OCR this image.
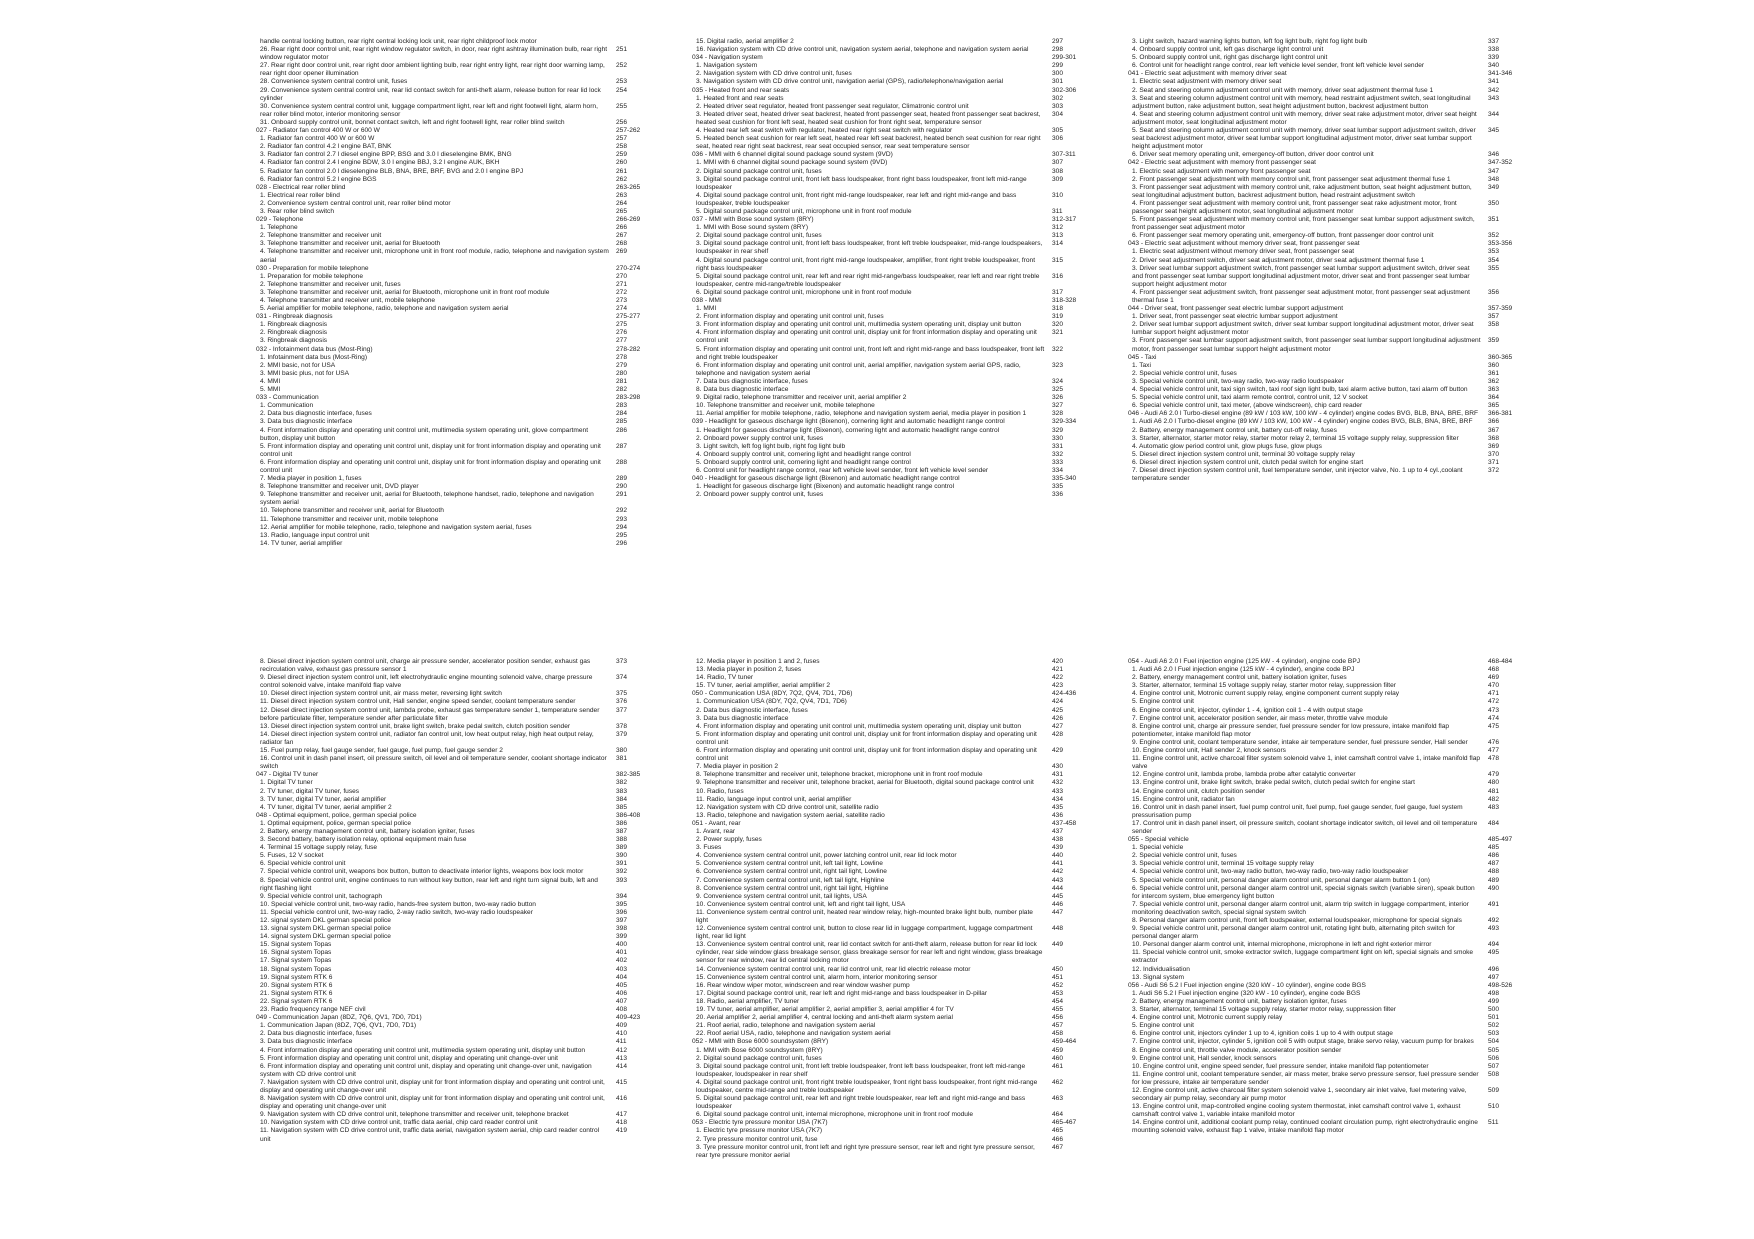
handle central locking button, rear right central locking lock unit, rear right childproof lock motor
26. Rear right door control unit, rear right window regulator switch, in door, rear right ashtray illumination bulb, rear right window regulator motor
251
27. Rear right door control unit, rear right door ambient lighting bulb, rear right entry light, rear right door warning lamp, rear right door opener illumination
252
28. Convenience system central control unit, fuses	253
29. Convenience system central control unit, rear lid contact switch for anti-theft alarm, release button for rear lid lock cylinder
254
30. Convenience system central control unit, luggage compartment light, rear left and right footwell light, alarm horn, rear roller blind motor, interior monitoring sensor
255
31. Onboard supply control unit, bonnet contact switch, left and right footwell light, rear roller blind switch	256
027 - Radiator fan control 400 W or 600 W	257-262
1. Radiator fan control 400 W or 600 W	257
2. Radiator fan control 4.2 l engine BAT, BNK	258
3. Radiator fan control 2.7 l diesel engine BPP, BSG and 3.0 l dieselengine BMK, BNG	259
4. Radiator fan control 2.4 l engine BDW, 3.0 l engine BBJ, 3.2 l engine AUK, BKH	260
5. Radiator fan control 2.0 l dieselengine BLB, BNA, BRE, BRF, BVG and 2.0 l engine BPJ	261
6. Radiator fan control 5.2 l engine BGS	262
028 - Electrical rear roller blind	263-265
1. Electrical rear roller blind	263
2. Convenience system central control unit, rear roller blind motor	264
3. Rear roller blind switch	265
029 - Telephone	266-269
1. Telephone	266
2. Telephone transmitter and receiver unit	267
3. Telephone transmitter and receiver unit, aerial for Bluetooth	268
4. Telephone transmitter and receiver unit, microphone unit in front roof module, radio, telephone and navigation system aerial
269
030 - Preparation for mobile telephone	270-274
1. Preparation for mobile telephone	270
2. Telephone transmitter and receiver unit, fuses	271
3. Telephone transmitter and receiver unit, aerial for Bluetooth, microphone unit in front roof module	272
4. Telephone transmitter and receiver unit, mobile telephone	273
5. Aerial amplifier for mobile telephone, radio, telephone and navigation system aerial	274
031 - Ringbreak diagnosis	275-277
1. Ringbreak diagnosis	275
2. Ringbreak diagnosis	276
3. Ringbreak diagnosis	277
032 - Infotainment data bus (Most-Ring)	278-282
1. Infotainment data bus (Most-Ring)	278
2. MMI basic, not for USA	279
3. MMI basic plus, not for USA	280
4. MMI	281
5. MMI	282
033 - Communication	283-298
1. Communication	283
2. Data bus diagnostic interface, fuses	284
3. Data bus diagnostic interface	285
4. Front information display and operating unit control unit, multimedia system operating unit, glove compartment button, display unit button
286
5. Front information display and operating unit control unit, display unit for front information display and operating unit control unit
287
6. Front information display and operating unit control unit, display unit for front information display and operating unit control unit
288
7. Media player in position 1, fuses	289
8. Telephone transmitter and receiver unit, DVD player	290
9. Telephone transmitter and receiver unit, aerial for Bluetooth, telephone handset, radio, telephone and navigation system aerial
291
10. Telephone transmitter and receiver unit, aerial for Bluetooth	292
11. Telephone transmitter and receiver unit, mobile telephone	293
12. Aerial amplifier for mobile telephone, radio, telephone and navigation system aerial, fuses	294
13. Radio, language input control unit	295
14. TV tuner, aerial amplifier	296
15. Digital radio, aerial amplifier 2	297
16. Navigation system with CD drive control unit, navigation system aerial, telephone and navigation system aerial	298
034 - Navigation system	299-301
1. Navigation system	299
2. Navigation system with CD drive control unit, fuses	300
3. Navigation system with CD drive control unit, navigation aerial (GPS), radio/telephone/navigation aerial	301
035 - Heated front and rear seats	302-306
1. Heated front and rear seats	302
2. Heated driver seat regulator, heated front passenger seat regulator, Climatronic control unit	303
3. Heated driver seat, heated driver seat backrest, heated front passenger seat, heated front passenger seat backrest, heated seat cushion for front left seat, heated seat cushion for front right seat, temperature sensor
304
4. Heated rear left seat switch with regulator, heated rear right seat switch with regulator	305
5. Heated bench seat cushion for rear left seat, heated rear left seat backrest, heated bench seat cushion for rear right seat, heated rear right seat backrest, rear seat occupied sensor, rear seat temperature sensor
306
036 - MMI with 6 channel digital sound package sound system (9VD)	307-311
1. MMI with 6 channel digital sound package sound system (9VD)	307
2. Digital sound package control unit, fuses	308
3. Digital sound package control unit, front left bass loudspeaker, front right bass loudspeaker, front left mid-range loudspeaker
309
4. Digital sound package control unit, front right mid-range loudspeaker, rear left and right mid-range and bass loudspeaker, treble loudspeaker
310
5. Digital sound package control unit, microphone unit in front roof module	311
037 - MMI with Bose sound system (8RY)	312-317
1. MMI with Bose sound system (8RY)	312
2. Digital sound package control unit, fuses	313
3. Digital sound package control unit, front left bass loudspeaker, front left treble loudspeaker, mid-range loudspeakers, loudspeaker in rear shelf
314
4. Digital sound package control unit, front right mid-range loudspeaker, amplifier, front right treble loudspeaker, front right bass loudspeaker
315
5. Digital sound package control unit, rear left and rear right mid-range/bass loudspeaker, rear left and rear right treble loudspeaker, centre mid-range/treble loudspeaker
316
6. Digital sound package control unit, microphone unit in front roof module	317
038 - MMI	318-328
1. MMI	318
2. Front information display and operating unit control unit, fuses	319
3. Front information display and operating unit control unit, multimedia system operating unit, display unit button	320
4. Front information display and operating unit control unit, display unit for front information display and operating unit control unit
321
5. Front information display and operating unit control unit, front left and right mid-range and bass loudspeaker, front left and right treble loudspeaker
322
6. Front information display and operating unit control unit, aerial amplifier, navigation system aerial GPS, radio, telephone and navigation system aerial
323
7. Data bus diagnostic interface, fuses	324
8. Data bus diagnostic interface	325
9. Digital radio, telephone transmitter and receiver unit, aerial amplifier 2	326
10. Telephone transmitter and receiver unit, mobile telephone	327
11. Aerial amplifier for mobile telephone, radio, telephone and navigation system aerial, media player in position 1	328
039 - Headlight for gaseous discharge light (Bixenon), cornering light and automatic headlight range control	329-334
1. Headlight for gaseous discharge light (Bixenon), cornering light and automatic headlight range control	329
2. Onboard power supply control unit, fuses	330
3. Light switch, left fog light bulb, right fog light bulb	331
4. Onboard supply control unit, cornering light and headlight range control	332
5. Onboard supply control unit, cornering light and headlight range control	333
6. Control unit for headlight range control, rear left vehicle level sender, front left vehicle level sender	334
040 - Headlight for gaseous discharge light (Bixenon) and automatic headlight range control	335-340
1. Headlight for gaseous discharge light (Bixenon) and automatic headlight range control	335
2. Onboard power supply control unit, fuses	336
3. Light switch, hazard warning lights button, left fog light bulb, right fog light bulb	337
4. Onboard supply control unit, left gas discharge light control unit	338
5. Onboard supply control unit, right gas discharge light control unit	339
6. Control unit for headlight range control, rear left vehicle level sender, front left vehicle level sender	340
041 - Electric seat adjustment with memory driver seat	341-346
1. Electric seat adjustment with memory driver seat	341
2. Seat and steering column adjustment control unit with memory, driver seat adjustment thermal fuse 1	342
3. Seat and steering column adjustment control unit with memory, head restraint adjustment switch, seat longitudinal adjustment button, rake adjustment button, seat height adjustment button, backrest adjustment button
343
4. Seat and steering column adjustment control unit with memory, driver seat rake adjustment motor, driver seat height adjustment motor, seat longitudinal adjustment motor
344
5. Seat and steering column adjustment control unit with memory, driver seat lumbar support adjustment switch, driver seat backrest adjustment motor, driver seat lumbar support longitudinal adjustment motor, driver seat lumbar support height adjustment motor
345
6. Driver seat memory operating unit, emergency-off button, driver door control unit	346
042 - Electric seat adjustment with memory front passenger seat	347-352
1. Electric seat adjustment with memory front passenger seat	347
2. Front passenger seat adjustment with memory control unit, front passenger seat adjustment thermal fuse 1	348
3. Front passenger seat adjustment with memory control unit, rake adjustment button, seat height adjustment button, seat longitudinal adjustment button, backrest adjustment button, head restraint adjustment switch
349
4. Front passenger seat adjustment with memory control unit, front passenger seat rake adjustment motor, front passenger seat height adjustment motor, seat longitudinal adjustment motor
350
5. Front passenger seat adjustment with memory control unit, front passenger seat lumbar support adjustment switch, front passenger seat adjustment motor
351
6. Front passenger seat memory operating unit, emergency-off button, front passenger door control unit	352
043 - Electric seat adjustment without memory driver seat, front passenger seat	353-356
1. Electric seat adjustment without memory driver seat, front passenger seat	353
2. Driver seat adjustment switch, driver seat adjustment motor, driver seat adjustment thermal fuse 1	354
3. Driver seat lumbar support adjustment switch, front passenger seat lumbar support adjustment switch, driver seat and front passenger seat lumbar support longitudinal adjustment motor, driver seat and front passenger seat lumbar support height adjustment motor
355
4. Front passenger seat adjustment switch, front passenger seat adjustment motor, front passenger seat adjustment thermal fuse 1
356
044 - Driver seat, front passenger seat electric lumbar support adjustment	357-359
1. Driver seat, front passenger seat electric lumbar support adjustment	357
2. Driver seat lumbar support adjustment switch, driver seat lumbar support longitudinal adjustment motor, driver seat lumbar support height adjustment motor
358
3. Front passenger seat lumbar support adjustment switch, front passenger seat lumbar support longitudinal adjustment motor, front passenger seat lumbar support height adjustment motor
359
045 - Taxi	360-365
1. Taxi	360
2. Special vehicle control unit, fuses	361
3. Special vehicle control unit, two-way radio, two-way radio loudspeaker	362
4. Special vehicle control unit, taxi sign switch, taxi roof sign light bulb, taxi alarm active button, taxi alarm off button	363
5. Special vehicle control unit, taxi alarm remote control, control unit, 12 V socket	364
6. Special vehicle control unit, taxi meter, (above windscreen), chip card reader	365
046 - Audi A6 2.0 l Turbo-diesel engine (89 kW / 103 kW, 100 kW - 4 cylinder) engine codes BVG, BLB, BNA, BRE, BRF 366-381
1. Audi A6 2.0 l Turbo-diesel engine (89 kW / 103 kW, 100 kW - 4 cylinder) engine codes BVG, BLB, BNA, BRE, BRF	366
2. Battery, energy management control unit, battery cut-off relay, fuses	367
3. Starter, alternator, starter motor relay, starter motor relay 2, terminal 15 voltage supply relay, suppression filter	368
4. Automatic glow period control unit, glow plugs fuse, glow plugs	369
5. Diesel direct injection system control unit, terminal 30 voltage supply relay	370
6. Diesel direct injection system control unit, clutch pedal switch for engine start	371
7. Diesel direct injection system control unit, fuel temperature sender, unit injector valve, No. 1 up to 4 cyl.,coolant temperature sender
372
8. Diesel direct injection system control unit, charge air pressure sender, accelerator position sender, exhaust gas recirculation valve, exhaust gas pressure sensor 1
373
9. Diesel direct injection system control unit, left electrohydraulic engine mounting solenoid valve, charge pressure control solenoid valve, intake manifold flap valve
374
10. Diesel direct injection system control unit, air mass meter, reversing light switch	375
11. Diesel direct injection system control unit, Hall sender, engine speed sender, coolant temperature sender	376
12. Diesel direct injection system control unit, lambda probe, exhaust gas temperature sender 1, temperature sender before particulate filter, temperature sender after particulate filter
377
13. Diesel direct injection system control unit, brake light switch, brake pedal switch, clutch position sender	378
14. Diesel direct injection system control unit, radiator fan control unit, low heat output relay, high heat output relay, radiator fan
379
15. Fuel pump relay, fuel gauge sender, fuel gauge, fuel pump, fuel gauge sender 2	380
16. Control unit in dash panel insert, oil pressure switch, oil level and oil temperature sender, coolant shortage indicator switch
381
047 - Digital TV tuner	382-385
1. Digital TV tuner	382
2. TV tuner, digital TV tuner, fuses	383
3. TV tuner, digital TV tuner, aerial amplifier	384
4. TV tuner, digital TV tuner, aerial amplifier 2	385
048 - Optimal equipment, police, german special police	386-408
1. Optimal equipment, police, german special police	386
2. Battery, energy management control unit, battery isolation igniter, fuses	387
3. Second battery, battery isolation relay, optional equipment main fuse	388
4. Terminal 15 voltage supply relay, fuse	389
5. Fuses, 12 V socket	390
6. Special vehicle control unit	391
7. Special vehicle control unit, weapons box button, button to deactivate interior lights, weapons box lock motor	392
8. Special vehicle control unit, engine continues to run without key button, rear left and right turn signal bulb, left and right flashing light
393
9. Special vehicle control unit, tachograph	394
10. Special vehicle control unit, two-way radio, hands-free system button, two-way radio button	395
11. Special vehicle control unit, two-way radio, 2-way radio switch, two-way radio loudspeaker	396
12. signal system DKL german special police	397
13. signal system DKL german special police	398
14. signal system DKL german special police	399
15. Signal system Topas	400
16. Signal system Topas	401
17. Signal system Topas	402
18. Signal system Topas	403
19. Signal system RTK 6	404
20. Signal system RTK 6	405
21. Signal system RTK 6	406
22. Signal system RTK 6	407
23. Radio frequency range NEF civil	408
049 - Communication Japan (8DZ, 7Q6, QV1, 7D0, 7D1)	409-423
1. Communication Japan (8DZ, 7Q6, QV1, 7D0, 7D1)	409
2. Data bus diagnostic interface, fuses	410
3. Data bus diagnostic interface	411
4. Front information display and operating unit control unit, multimedia system operating unit, display unit button	412
5. Front information display and operating unit control unit, display and operating unit change-over unit	413
6. Front information display and operating unit control unit, display and operating unit change-over unit, navigation system with CD drive control unit
414
7. Navigation system with CD drive control unit, display unit for front information display and operating unit control unit, display and operating unit change-over unit
415
8. Navigation system with CD drive control unit, display unit for front information display and operating unit control unit, display and operating unit change-over unit
416
9. Navigation system with CD drive control unit, telephone transmitter and receiver unit, telephone bracket	417
10. Navigation system with CD drive control unit, traffic data aerial, chip card reader control unit	418
11. Navigation system with CD drive control unit, traffic data aerial, navigation system aerial, chip card reader control unit
419
12. Media player in position 1 and 2, fuses	420
13. Media player in position 2, fuses	421
14. Radio, TV tuner	422
15. TV tuner, aerial amplifier, aerial amplifier 2	423
050 - Communication USA (8DY, 7Q2, QV4, 7D1, 7D6)	424-436
1. Communication USA (8DY, 7Q2, QV4, 7D1, 7D6)	424
2. Data bus diagnostic interface, fuses	425
3. Data bus diagnostic interface	426
4. Front information display and operating unit control unit, multimedia system operating unit, display unit button	427
5. Front information display and operating unit control unit, display unit for front information display and operating unit control unit
428
6. Front information display and operating unit control unit, display unit for front information display and operating unit control unit
429
7. Media player in position 2	430
8. Telephone transmitter and receiver unit, telephone bracket, microphone unit in front roof module	431
9. Telephone transmitter and receiver unit, telephone bracket, aerial for Bluetooth, digital sound package control unit	432
10. Radio, fuses	433
11. Radio, language input control unit, aerial amplifier	434
12. Navigation system with CD drive control unit, satellite radio	435
13. Radio, telephone and navigation system aerial, satellite radio	436
051 - Avant, rear	437-458
1. Avant, rear	437
2. Power supply, fuses	438
3. Fuses	439
4. Convenience system central control unit, power latching control unit, rear lid lock motor	440
5. Convenience system central control unit, left tail light, Lowline	441
6. Convenience system central control unit, right tail light, Lowline	442
7. Convenience system central control unit, left tail light, Highline	443
8. Convenience system central control unit, right tail light, Highline	444
9. Convenience system central control unit, tail lights, USA	445
10. Convenience system central control unit, left and right tail light, USA	446
11. Convenience system central control unit, heated rear window relay, high-mounted brake light bulb, number plate light
447
12. Convenience system central control unit, button to close rear lid in luggage compartment, luggage compartment light, rear lid light
448
13. Convenience system central control unit, rear lid contact switch for anti-theft alarm, release button for rear lid lock cylinder, rear side window glass breakage sensor, glass breakage sensor for rear left and right window, glass breakage sensor for rear window, rear lid central locking motor
449
14. Convenience system central control unit, rear lid control unit, rear lid electric release motor	450
15. Convenience system central control unit, alarm horn, interior monitoring sensor	451
16. Rear window wiper motor, windscreen and rear window washer pump	452
17. Digital sound package control unit, rear left and right mid-range and bass loudspeaker in D-pillar	453
18. Radio, aerial amplifier, TV tuner	454
19. TV tuner, aerial amplifier, aerial amplifier 2, aerial amplifier 3, aerial amplifier 4 for TV	455
20. Aerial amplifier 2, aerial amplifier 4, central locking and anti-theft alarm system aerial	456
21. Roof aerial, radio, telephone and navigation system aerial	457
22. Roof aerial USA, radio, telephone and navigation system aerial	458
052 - MMI with Bose 6000 soundsystem (8RY)	459-464
1. MMI with Bose 6000 soundsystem (8RY)	459
2. Digital sound package control unit, fuses	460
3. Digital sound package control unit, front left treble loudspeaker, front left bass loudspeaker, front left mid-range loudspeaker, loudspeaker in rear shelf
461
4. Digital sound package control unit, front right treble loudspeaker, front right bass loudspeaker, front right mid-range loudspeaker, centre mid-range and treble loudspeaker
462
5. Digital sound package control unit, rear left and right treble loudspeaker, rear left and right mid-range and bass loudspeaker
463
6. Digital sound package control unit, internal microphone, microphone unit in front roof module	464
053 - Electric tyre pressure monitor USA (7K7)	465-467
1. Electric tyre pressure monitor USA (7K7)	465
2. Tyre pressure monitor control unit, fuse	466
3. Tyre pressure monitor control unit, front left and right tyre pressure sensor, rear left and right tyre pressure sensor, rear tyre pressure monitor aerial
467
054 - Audi A6 2.0 l Fuel injection engine (125 kW - 4 cylinder), engine code BPJ	468-484
1. Audi A6 2.0 l Fuel injection engine (125 kW - 4 cylinder), engine code BPJ	468
2. Battery, energy management control unit, battery isolation igniter, fuses	469
3. Starter, alternator, terminal 15 voltage supply relay, starter motor relay, suppression filter	470
4. Engine control unit, Motronic current supply relay, engine component current supply relay	471
5. Engine control unit	472
6. Engine control unit, injector, cylinder 1 - 4, ignition coil 1 - 4 with output stage	473
7. Engine control unit, accelerator position sender, air mass meter, throttle valve module	474
8. Engine control unit, charge air pressure sender, fuel pressure sender for low pressure, intake manifold flap potentiometer, intake manifold flap motor
475
9. Engine control unit, coolant temperature sender, intake air temperature sender, fuel pressure sender, Hall sender	476
10. Engine control unit, Hall sender 2, knock sensors	477
11. Engine control unit, active charcoal filter system solenoid valve 1, inlet camshaft control valve 1, intake manifold flap valve
478
12. Engine control unit, lambda probe, lambda probe after catalytic converter	479
13. Engine control unit, brake light switch, brake pedal switch, clutch pedal switch for engine start	480
14. Engine control unit, clutch position sender	481
15. Engine control unit, radiator fan	482
16. Control unit in dash panel insert, fuel pump control unit, fuel pump, fuel gauge sender, fuel gauge, fuel system pressurisation pump
483
17. Control unit in dash panel insert, oil pressure switch, coolant shortage indicator switch, oil level and oil temperature sender
484
055 - Special vehicle	485-497
1. Special vehicle	485
2. Special vehicle control unit, fuses	486
3. Special vehicle control unit, terminal 15 voltage supply relay	487
4. Special vehicle control unit, two-way radio button, two-way radio, two-way radio loudspeaker	488
5. Special vehicle control unit, personal danger alarm control unit, personal danger alarm button 1 (on)	489
6. Special vehicle control unit, personal danger alarm control unit, special signals switch (variable siren), speak button for intercom system, blue emergency light button
490
7. Special vehicle control unit, personal danger alarm control unit, alarm trip switch in luggage compartment, interior monitoring deactivation switch, special signal system switch
491
8. Personal danger alarm control unit, front left loudspeaker, external loudspeaker, microphone for special signals	492
9. Special vehicle control unit, personal danger alarm control unit, rotating light bulb, alternating pitch switch for personal danger alarm
493
10. Personal danger alarm control unit, internal microphone, microphone in left and right exterior mirror	494
11. Special vehicle control unit, smoke extractor switch, luggage compartment light on left, special signals and smoke extractor
495
12. Individualisation	496
13. Signal system	497
056 - Audi S6 5.2 l Fuel injection engine (320 kW - 10 cylinder), engine code BGS	498-526
1. Audi S6 5.2 l Fuel injection engine (320 kW - 10 cylinder), engine code BGS	498
2. Battery, energy management control unit, battery isolation igniter, fuses	499
3. Starter, alternator, terminal 15 voltage supply relay, starter motor relay, suppression filter	500
4. Engine control unit, Motronic current supply relay	501
5. Engine control unit	502
6. Engine control unit, injectors cylinder 1 up to 4, ignition coils 1 up to 4 with output stage	503
7. Engine control unit, injector, cylinder 5, ignition coil 5 with output stage, brake servo relay, vacuum pump for brakes	504
8. Engine control unit, throttle valve module, accelerator position sender	505
9. Engine control unit, Hall sender, knock sensors	506
10. Engine control unit, engine speed sender, fuel pressure sender, intake manifold flap potentiometer	507
11. Engine control unit, coolant temperature sender, air mass meter, brake servo pressure sensor, fuel pressure sender for low pressure, intake air temperature sender
508
12. Engine control unit, active charcoal filter system solenoid valve 1, secondary air inlet valve, fuel metering valve, secondary air pump relay, secondary air pump motor
509
13. Engine control unit, map-controlled engine cooling system thermostat, inlet camshaft control valve 1, exhaust camshaft control valve 1, variable intake manifold motor
510
14. Engine control unit, additional coolant pump relay, continued coolant circulation pump, right electrohydraulic engine mounting solenoid valve, exhaust flap 1 valve, intake manifold flap motor
511
